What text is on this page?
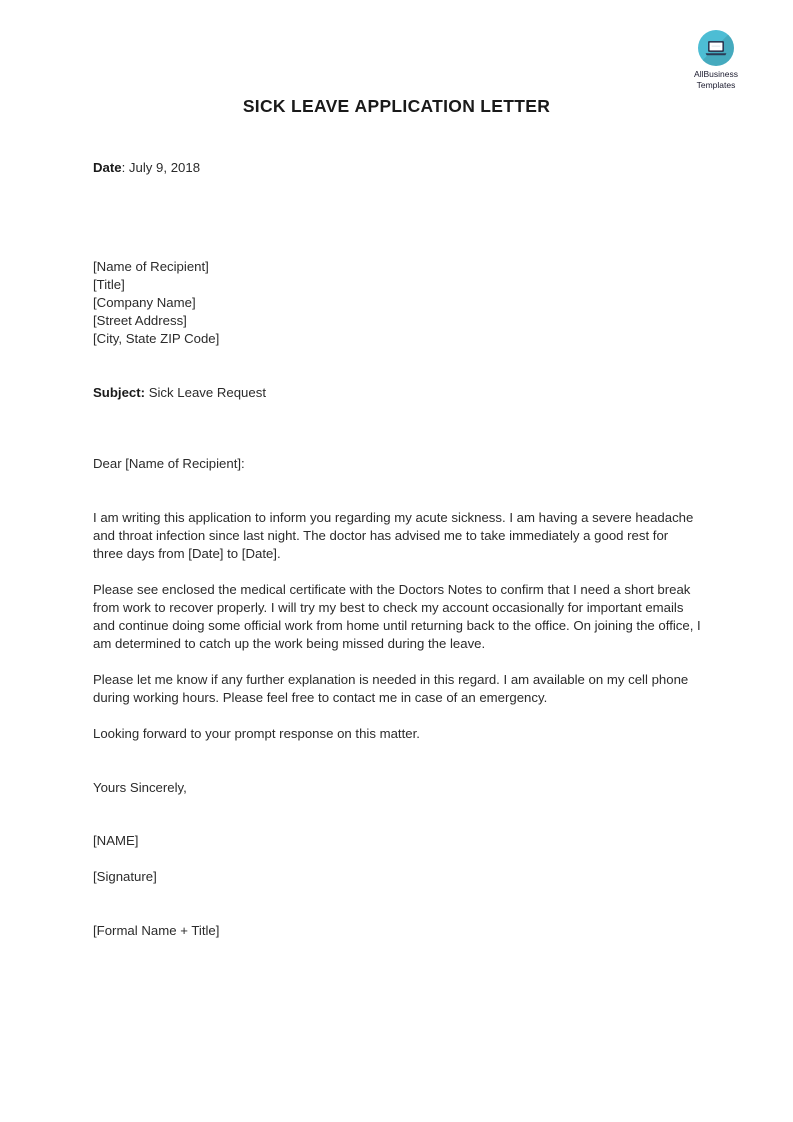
AllBusiness
Templates
SICK LEAVE APPLICATION LETTER
Date: July 9, 2018
[Name of Recipient]
[Title]
[Company Name]
[Street Address]
[City, State ZIP Code]
Subject: Sick Leave Request
Dear [Name of Recipient]:
I am writing this application to inform you regarding my acute sickness. I am having a severe headache and throat infection since last night. The doctor has advised me to take immediately a good rest for three days from [Date] to [Date].
Please see enclosed the medical certificate with the Doctors Notes to confirm that I need a short break from work to recover properly. I will try my best to check my account occasionally for important emails and continue doing some official work from home until returning back to the office. On joining the office, I am determined to catch up the work being missed during the leave.
Please let me know if any further explanation is needed in this regard. I am available on my cell phone during working hours. Please feel free to contact me in case of an emergency.
Looking forward to your prompt response on this matter.
Yours Sincerely,
[NAME]
[Signature]
[Formal Name + Title]
